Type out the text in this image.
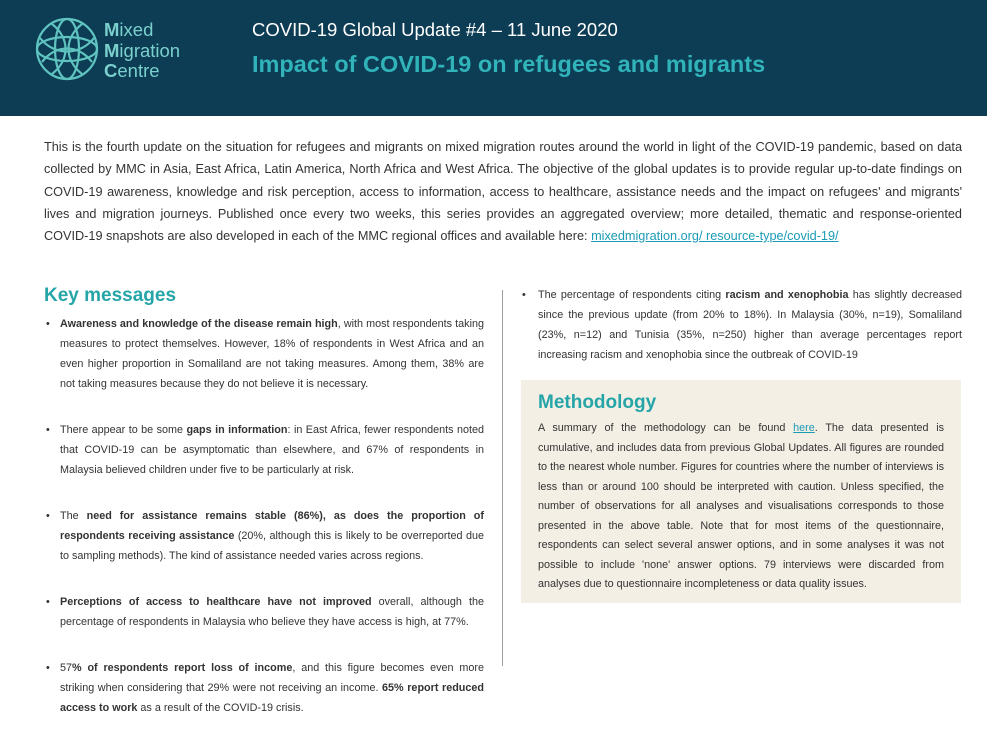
Mixed
Migration
Centre
COVID-19 Global Update #4 – 11 June 2020
Impact of COVID-19 on refugees and migrants

This is the fourth update on the situation for refugees and migrants on mixed migration routes around the world in light of the COVID-19 pandemic, based on data collected by MMC in Asia, East Africa, Latin America, North Africa and West Africa. The objective of the global updates is to provide regular up-to-date findings on COVID-19 awareness, knowledge and risk perception, access to information, access to healthcare, assistance needs and the impact on refugees' and migrants' lives and migration journeys. Published once every two weeks, this series provides an aggregated overview; more detailed, thematic and response-oriented COVID-19 snapshots are also developed in each of the MMC regional offices and available here: mixedmigration.org/ resource-type/covid-19/

Key messages
• Awareness and knowledge of the disease remain high, with most respondents taking measures to protect themselves. However, 18% of respondents in West Africa and an even higher proportion in Somaliland are not taking measures. Among them, 38% are not taking measures because they do not believe it is necessary.
• There appear to be some gaps in information: in East Africa, fewer respondents noted that COVID-19 can be asymptomatic than elsewhere, and 67% of respondents in Malaysia believed children under five to be particularly at risk.
• The need for assistance remains stable (86%), as does the proportion of respondents receiving assistance (20%, although this is likely to be overreported due to sampling methods). The kind of assistance needed varies across regions.
• Perceptions of access to healthcare have not improved overall, although the percentage of respondents in Malaysia who believe they have access is high, at 77%.
• 57% of respondents report loss of income, and this figure becomes even more striking when considering that 29% were not receiving an income. 65% report reduced access to work as a result of the COVID-19 crisis.
• The percentage of respondents citing racism and xenophobia has slightly decreased since the previous update (from 20% to 18%). In Malaysia (30%, n=19), Somaliland (23%, n=12) and Tunisia (35%, n=250) higher than average percentages report increasing racism and xenophobia since the outbreak of COVID-19
Methodology

A summary of the methodology can be found here. The data presented is cumulative, and includes data from previous Global Updates. All figures are rounded to the nearest whole number. Figures for countries where the number of interviews is less than or around 100 should be interpreted with caution. Unless specified, the number of observations for all analyses and visualisations corresponds to those presented in the above table. Note that for most items of the questionnaire, respondents can select several answer options, and in some analyses it was not possible to include 'none' answer options. 79 interviews were discarded from analyses due to questionnaire incompleteness or data quality issues.
